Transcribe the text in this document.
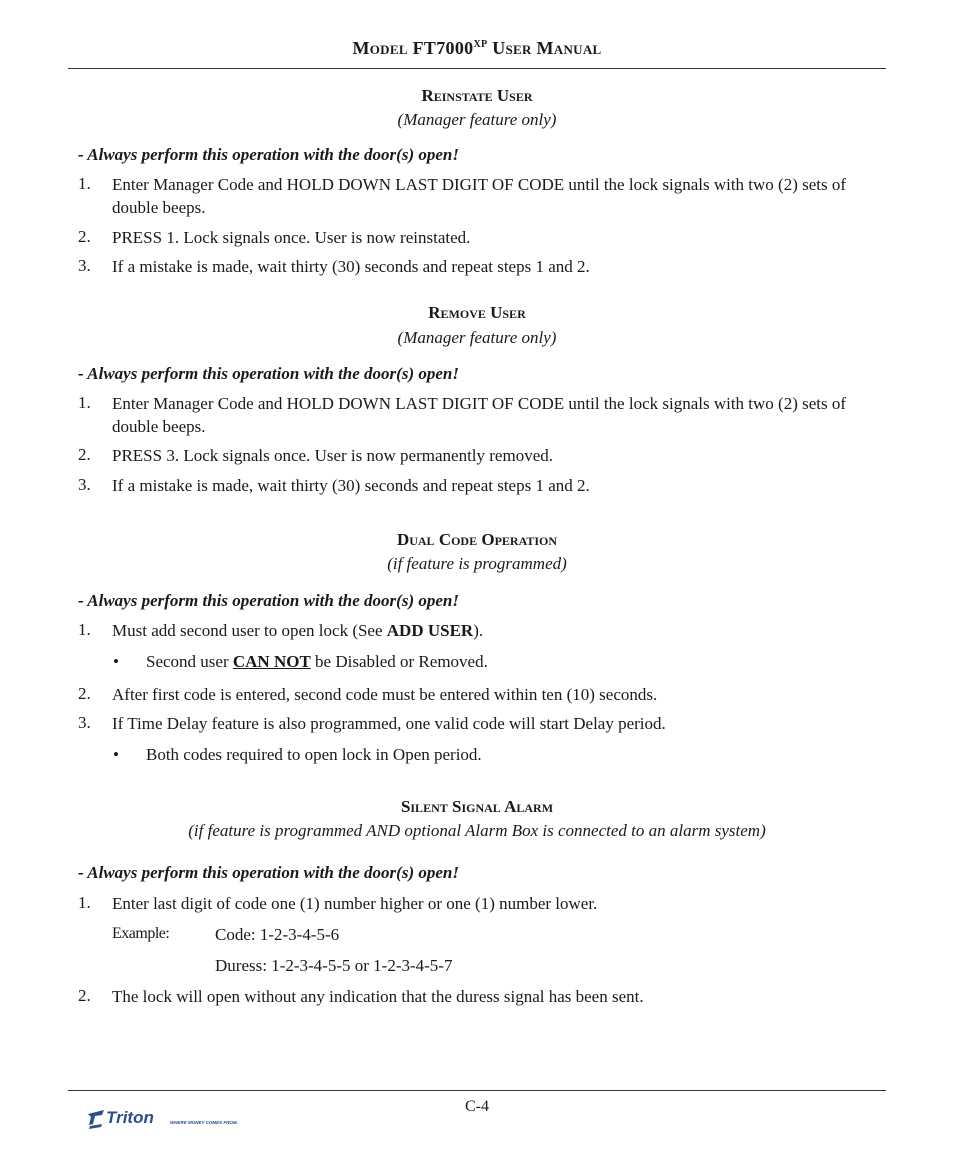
Model $FT7000^{XP}$ User Manual
Reinstate User
(Manager feature only)
- Always perform this operation with the door(s) open!
1. Enter Manager Code and HOLD DOWN LAST DIGIT OF CODE until the lock signals with two (2) sets of double beeps.
2. PRESS 1. Lock signals once. User is now reinstated.
3. If a mistake is made, wait thirty (30) seconds and repeat steps 1 and 2.
Remove User
(Manager feature only)
- Always perform this operation with the door(s) open!
1. Enter Manager Code and HOLD DOWN LAST DIGIT OF CODE until the lock signals with two (2) sets of double beeps.
2. PRESS 3. Lock signals once. User is now permanently removed.
3. If a mistake is made, wait thirty (30) seconds and repeat steps 1 and 2.
Dual Code Operation
(if feature is programmed)
- Always perform this operation with the door(s) open!
1. Must add second user to open lock (See ADD USER).
• Second user CAN NOT be Disabled or Removed.
2. After first code is entered, second code must be entered within ten (10) seconds.
3. If Time Delay feature is also programmed, one valid code will start Delay period.
• Both codes required to open lock in Open period.
Silent Signal Alarm
(if feature is programmed AND optional Alarm Box is connected to an alarm system)
- Always perform this operation with the door(s) open!
1. Enter last digit of code one (1) number higher or one (1) number lower.
Example:	Code: 1-2-3-4-5-6
Duress: 1-2-3-4-5-5 or 1-2-3-4-5-7
2. The lock will open without any indication that the duress signal has been sent.
C-4
Triton	WHERE MONEY COMES FROM.
